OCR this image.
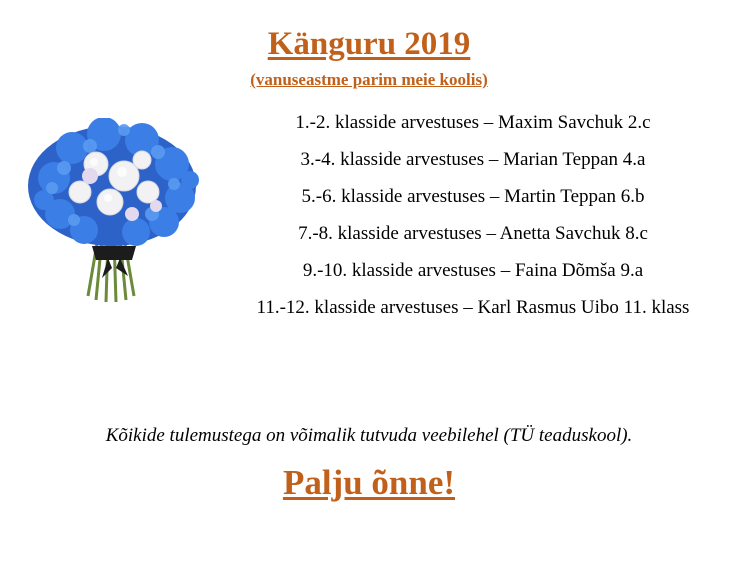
Känguru 2019
(vanuseastme parim meie koolis)
1.-2. klasside arvestuses – Maxim Savchuk 2.c
3.-4. klasside arvestuses – Marian Teppan 4.a
5.-6. klasside arvestuses – Martin Teppan 6.b
7.-8. klasside arvestuses – Anetta Savchuk 8.c
9.-10. klasside arvestuses – Faina Dõmša 9.a
11.-12. klasside arvestuses – Karl Rasmus Uibo 11. klass
Kõikide tulemustega on võimalik tutvuda veebilehel (TÜ teaduskool).
Palju õnne!
